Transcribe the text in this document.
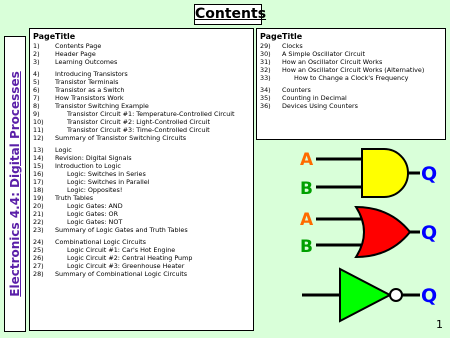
Contents
Electronics 4.4: Digital Processes
Page Title
1)	Contents Page
2)	Header Page
3)	Learning Outcomes
4)	Introducing Transistors
5)	Transistor Terminals
6)	Transistor as a Switch
7)	How Transistors Work
8)	Transistor Switching Example
9)	Transistor Circuit #1: Temperature-Controlled Circuit
10)	Transistor Circuit #2: Light-Controlled Circuit
11)	Transistor Circuit #3: Time-Controlled Circuit
12)	Summary of Transistor Switching Circuits
13)	Logic
14)	Revision: Digital Signals
15)	Introduction to Logic
16)	Logic: Switches in Series
17)	Logic: Switches in Parallel
18)	Logic: Opposites!
19)	Truth Tables
20)	Logic Gates: AND
21)	Logic Gates: OR
22)	Logic Gates: NOT
23)	Summary of Logic Gates and Truth Tables
24)	Combinational Logic Circuits
25)	Logic Circuit #1: Car's Hot Engine
26)	Logic Circuit #2: Central Heating Pump
27)	Logic Circuit #3: Greenhouse Heater
28)	Summary of Combinational Logic Circuits
Page Title
29)	Clocks
30)	A Simple Oscillator Circuit
31)	How an Oscillator Circuit Works
32)	How an Oscillator Circuit Works (Alternative)
33)	How to Change a Clock's Frequency
34)	Counters
35)	Counting in Decimal
36)	Devices Using Counters
A
B
Q
A
B
Q
Q
1
